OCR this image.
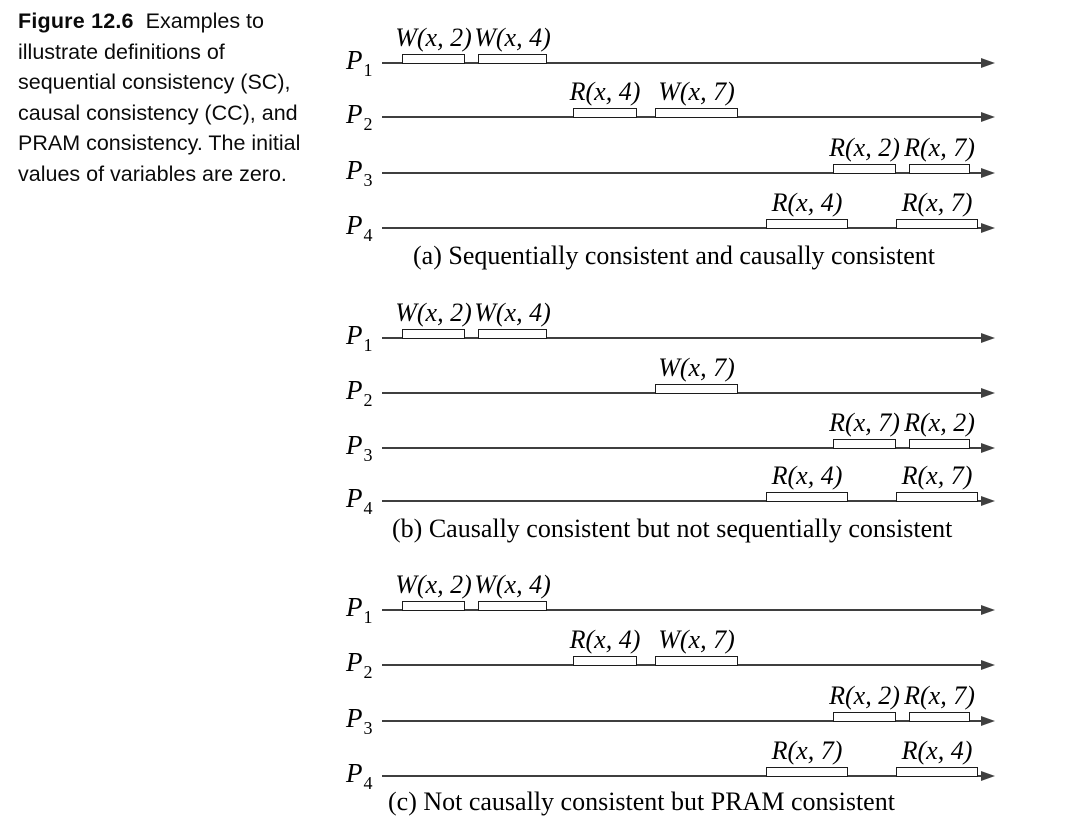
Figure 12.6 Examples to
illustrate definitions of
sequential consistency (SC),
causal consistency (CC), and
PRAM consistency. The initial
values of variables are zero.
$P_1$
W(x, 2) W(x, 4)
$P_2$
R(x, 4) W(x, 7)
$P_3$
R(x, 2) R(x, 7)
$P_4$
R(x, 4) R(x, 7)
(a) Sequentially consistent and causally consistent
$P_1$
W(x, 2) W(x, 4)
$P_2$
W(x, 7)
$P_3$
R(x, 7) R(x, 2)
$P_4$
R(x, 4) R(x, 7)
(b) Causally consistent but not sequentially consistent
$P_1$
W(x, 2) W(x, 4)
$P_2$
R(x, 4) W(x, 7)
$P_3$
R(x, 2) R(x, 7)
$P_4$
R(x, 7) R(x, 4)
(c) Not causally consistent but PRAM consistent
